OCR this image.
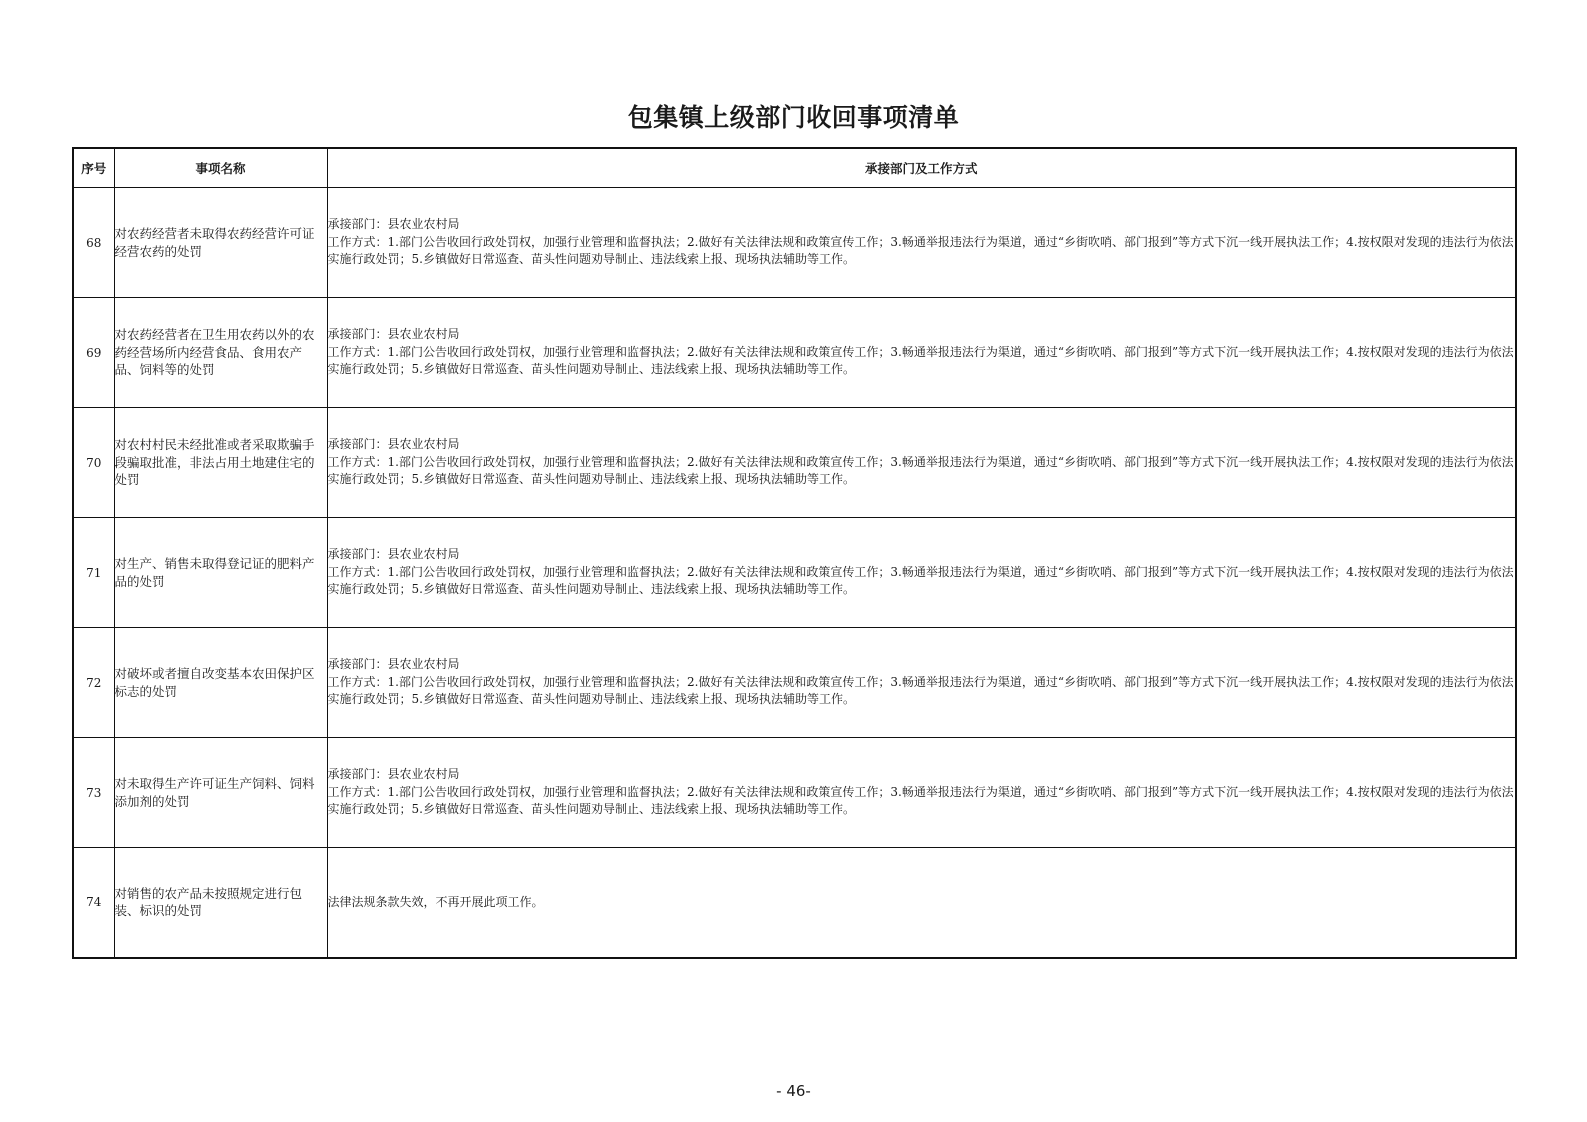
包集镇上级部门收回事项清单
序号	事项名称	承接部门及工作方式
68	对农药经营者未取得农药经营许可证经营农药的处罚	承接部门：县农业农村局
工作方式：1.部门公告收回行政处罚权，加强行业管理和监督执法；2.做好有关法律法规和政策宣传工作；3.畅通举报违法行为渠道，通过“乡街吹哨、部门报到”等方式下沉一线开展执法工作；4.按权限对发现的违法行为依法实施行政处罚；5.乡镇做好日常巡查、苗头性问题劝导制止、违法线索上报、现场执法辅助等工作。

69	对农药经营者在卫生用农药以外的农药经营场所内经营食品、食用农产品、饲料等的处罚	承接部门：县农业农村局
工作方式：1.部门公告收回行政处罚权，加强行业管理和监督执法；2.做好有关法律法规和政策宣传工作；3.畅通举报违法行为渠道，通过“乡街吹哨、部门报到”等方式下沉一线开展执法工作；4.按权限对发现的违法行为依法实施行政处罚；5.乡镇做好日常巡查、苗头性问题劝导制止、违法线索上报、现场执法辅助等工作。

70	对农村村民未经批准或者采取欺骗手段骗取批准，非法占用土地建住宅的处罚	承接部门：县农业农村局
工作方式：1.部门公告收回行政处罚权，加强行业管理和监督执法；2.做好有关法律法规和政策宣传工作；3.畅通举报违法行为渠道，通过“乡街吹哨、部门报到”等方式下沉一线开展执法工作；4.按权限对发现的违法行为依法实施行政处罚；5.乡镇做好日常巡查、苗头性问题劝导制止、违法线索上报、现场执法辅助等工作。

71	对生产、销售未取得登记证的肥料产品的处罚	承接部门：县农业农村局
工作方式：1.部门公告收回行政处罚权，加强行业管理和监督执法；2.做好有关法律法规和政策宣传工作；3.畅通举报违法行为渠道，通过“乡街吹哨、部门报到”等方式下沉一线开展执法工作；4.按权限对发现的违法行为依法实施行政处罚；5.乡镇做好日常巡查、苗头性问题劝导制止、违法线索上报、现场执法辅助等工作。

72	对破坏或者擅自改变基本农田保护区标志的处罚	承接部门：县农业农村局
工作方式：1.部门公告收回行政处罚权，加强行业管理和监督执法；2.做好有关法律法规和政策宣传工作；3.畅通举报违法行为渠道，通过“乡街吹哨、部门报到”等方式下沉一线开展执法工作；4.按权限对发现的违法行为依法实施行政处罚；5.乡镇做好日常巡查、苗头性问题劝导制止、违法线索上报、现场执法辅助等工作。

73	对未取得生产许可证生产饲料、饲料添加剂的处罚	承接部门：县农业农村局
工作方式：1.部门公告收回行政处罚权，加强行业管理和监督执法；2.做好有关法律法规和政策宣传工作；3.畅通举报违法行为渠道，通过“乡街吹哨、部门报到”等方式下沉一线开展执法工作；4.按权限对发现的违法行为依法实施行政处罚；5.乡镇做好日常巡查、苗头性问题劝导制止、违法线索上报、现场执法辅助等工作。

74	对销售的农产品未按照规定进行包装、标识的处罚	法律法规条款失效，不再开展此项工作。
- 46-
